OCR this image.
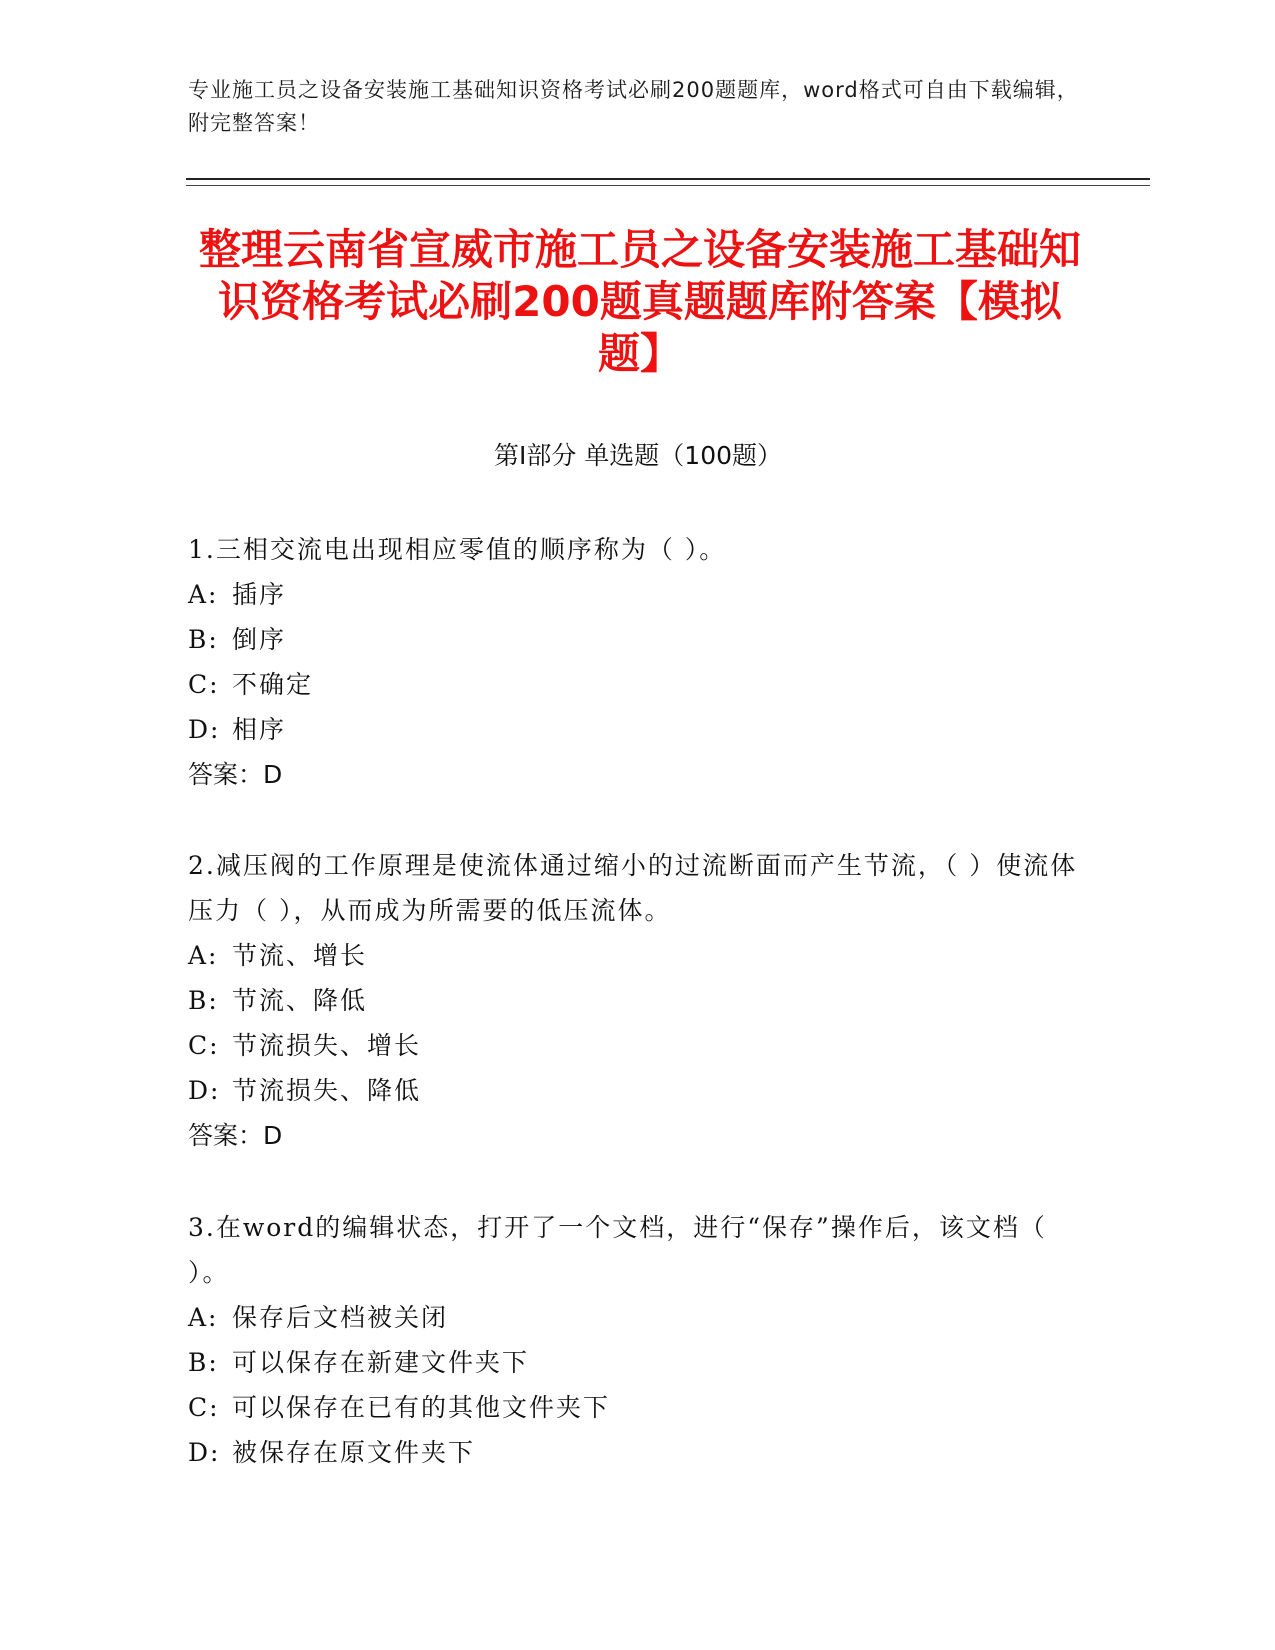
专业施工员之设备安装施工基础知识资格考试必刷200题题库，word格式可自由下载编辑，附完整答案！
整理云南省宣威市施工员之设备安装施工基础知识资格考试必刷200题真题题库附答案【模拟题】
第I部分 单选题（100题）
1.三相交流电出现相应零值的顺序称为（ ）。
A: 插序
B: 倒序
C: 不确定
D: 相序
答案：D
2.减压阀的工作原理是使流体通过缩小的过流断面而产生节流，（ ）使流体压力（ ），从而成为所需要的低压流体。
A: 节流、增长
B: 节流、降低
C: 节流损失、增长
D: 节流损失、降低
答案：D
3.在word的编辑状态，打开了一个文档，进行“保存”操作后，该文档（ ）。
A: 保存后文档被关闭
B: 可以保存在新建文件夹下
C: 可以保存在已有的其他文件夹下
D: 被保存在原文件夹下
